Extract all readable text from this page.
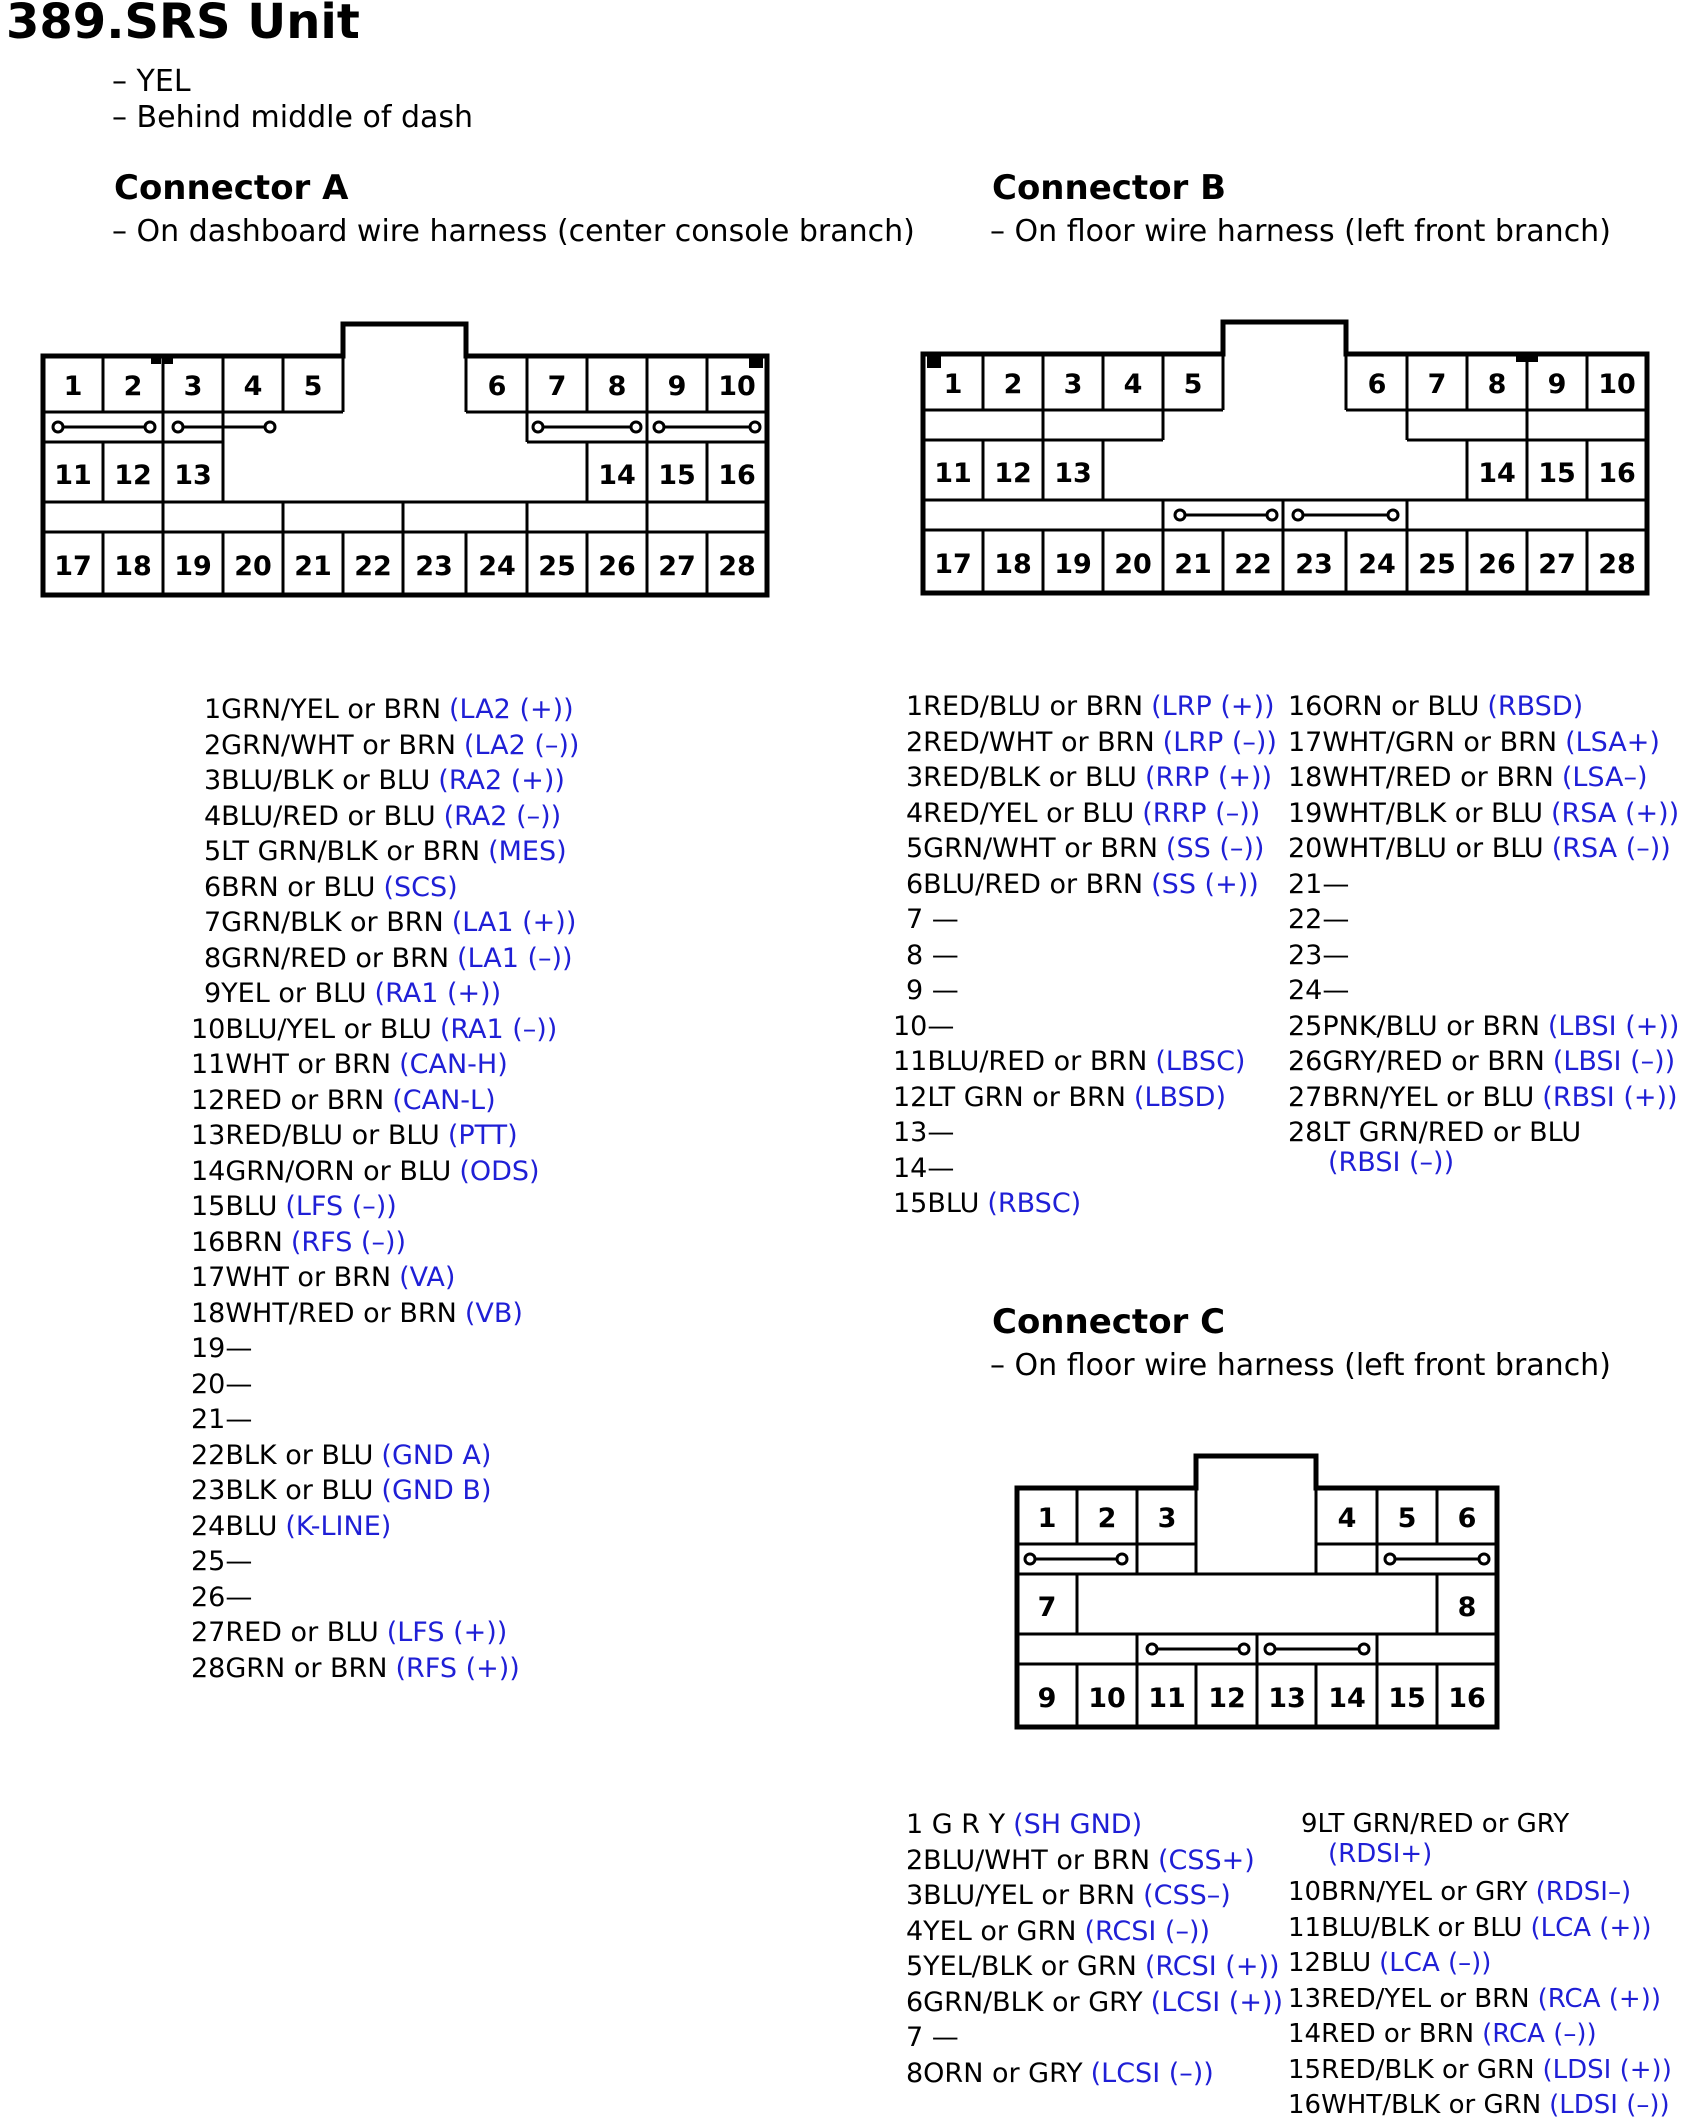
389.SRS Unit
– YEL
– Behind middle of dash
Connector A
– On dashboard wire harness (center console branch)
Connector B
– On floor wire harness (left front branch)
1 2 3 4 5	6 7 8 9 10
11 12 13	14 15 16
17 18 19 20 21 22 23 24 25 26 27 28
1 2 3 4 5	6 7 8 9 10
11 12 13	14 15 16
17 18 19 20 21 22 23 24 25 26 27 28
1GRN/YEL or BRN (LA2 (+))
2GRN/WHT or BRN (LA2 (–))
3BLU/BLK or BLU (RA2 (+))
4BLU/RED or BLU (RA2 (–))
5LT GRN/BLK or BRN (MES)
6BRN or BLU (SCS)
7GRN/BLK or BRN (LA1 (+))
8GRN/RED or BRN (LA1 (–))
9YEL or BLU (RA1 (+))
10BLU/YEL or BLU (RA1 (–))
11WHT or BRN (CAN-H)
12RED or BRN (CAN-L)
13RED/BLU or BLU (PTT)
14GRN/ORN or BLU (ODS)
15BLU (LFS (–))
16BRN (RFS (–))
17WHT or BRN (VA)
18WHT/RED or BRN (VB)
19—
20—
21—
22BLK or BLU (GND A)
23BLK or BLU (GND B)
24BLU (K-LINE)
25—
26—
27RED or BLU (LFS (+))
28GRN or BRN (RFS (+))
1RED/BLU or BRN (LRP (+))
2RED/WHT or BRN (LRP (–))
3RED/BLK or BLU (RRP (+))
4RED/YEL or BLU (RRP (–))
5GRN/WHT or BRN (SS (–))
6BLU/RED or BRN (SS (+))
7 —
8 —
9 —
10—
11BLU/RED or BRN (LBSC)
12LT GRN or BRN (LBSD)
13—
14—
15BLU (RBSC)
16ORN or BLU (RBSD)
17WHT/GRN or BRN (LSA+)
18WHT/RED or BRN (LSA–)
19WHT/BLK or BLU (RSA (+))
20WHT/BLU or BLU (RSA (–))
21—
22—
23—
24—
25PNK/BLU or BRN (LBSI (+))
26GRY/RED or BRN (LBSI (–))
27BRN/YEL or BLU (RBSI (+))
28LT GRN/RED or BLU
(RBSI (–))
Connector C
– On floor wire harness (left front branch)
1 2 3	4 5 6
7	8
9 10 11 12 13 14 15 16
1 G R Y (SH GND)
2BLU/WHT or BRN (CSS+)
3BLU/YEL or BRN (CSS–)
4YEL or GRN (RCSI (–))
5YEL/BLK or GRN (RCSI (+))
6GRN/BLK or GRY (LCSI (+))
7 —
8ORN or GRY (LCSI (–))
9LT GRN/RED or GRY
(RDSI+)
10BRN/YEL or GRY (RDSI–)
11BLU/BLK or BLU (LCA (+))
12BLU (LCA (–))
13RED/YEL or BRN (RCA (+))
14RED or BRN (RCA (–))
15RED/BLK or GRN (LDSI (+))
16WHT/BLK or GRN (LDSI (–))
